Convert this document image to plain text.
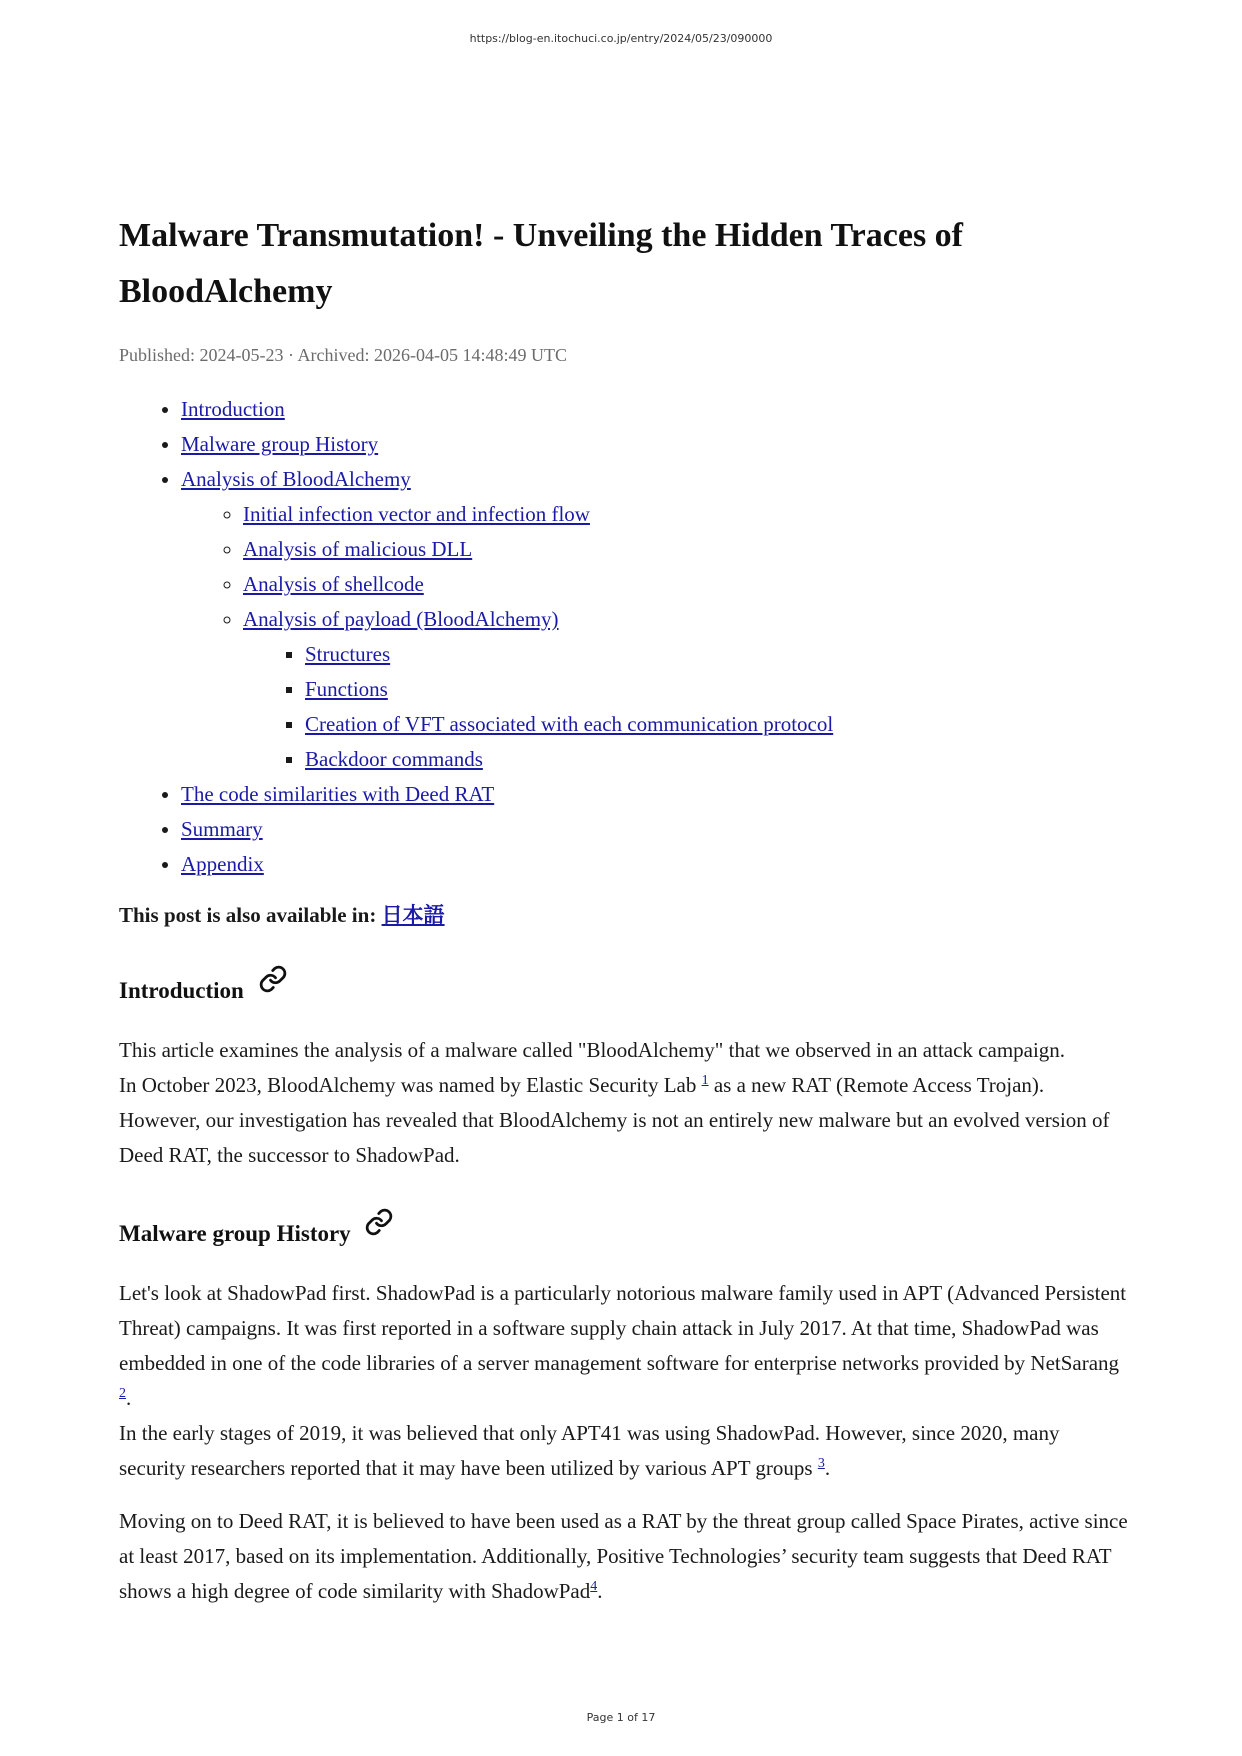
https://blog-en.itochuci.co.jp/entry/2024/05/23/090000
Malware Transmutation! - Unveiling the Hidden Traces of BloodAlchemy
Published: 2024-05-23 · Archived: 2026-04-05 14:48:49 UTC
• Introduction
• Malware group History
• Analysis of BloodAlchemy
◦ Initial infection vector and infection flow
◦ Analysis of malicious DLL
◦ Analysis of shellcode
◦ Analysis of payload (BloodAlchemy)
▪ Structures
▪ Functions
▪ Creation of VFT associated with each communication protocol
▪ Backdoor commands
• The code similarities with Deed RAT
• Summary
• Appendix
This post is also available in: 日本語
Introduction

This article examines the analysis of a malware called "BloodAlchemy" that we observed in an attack campaign.
In October 2023, BloodAlchemy was named by Elastic Security Lab $^1$ as a new RAT (Remote Access Trojan).
However, our investigation has revealed that BloodAlchemy is not an entirely new malware but an evolved version of Deed RAT, the successor to ShadowPad.

Malware group History

Let's look at ShadowPad first. ShadowPad is a particularly notorious malware family used in APT (Advanced Persistent Threat) campaigns. It was first reported in a software supply chain attack in July 2017. At that time, ShadowPad was embedded in one of the code libraries of a server management software for enterprise networks provided by NetSarang $^2$.
In the early stages of 2019, it was believed that only APT41 was using ShadowPad. However, since 2020, many security researchers reported that it may have been utilized by various APT groups $^3$.

Moving on to Deed RAT, it is believed to have been used as a RAT by the threat group called Space Pirates, active since at least 2017, based on its implementation. Additionally, Positive Technologies’ security team suggests that Deed RAT shows a high degree of code similarity with ShadowPad$^4$.

Page 1 of 17
